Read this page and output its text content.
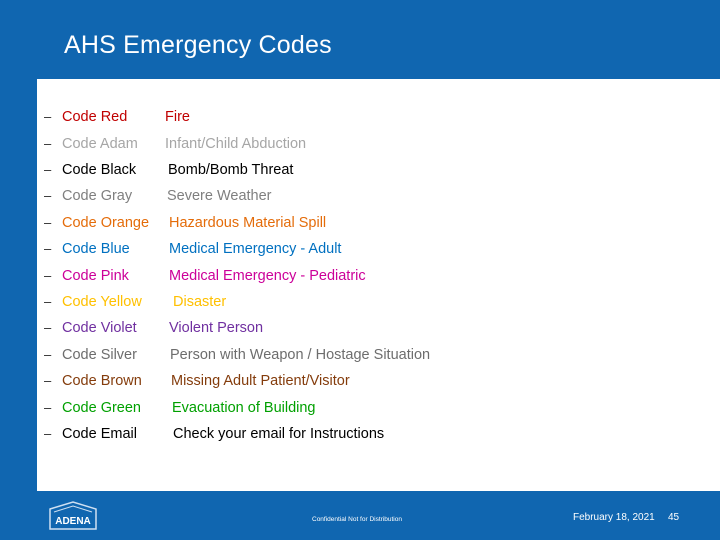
AHS Emergency Codes
– Code Red	Fire
– Code Adam Infant/Child Abduction
– Code Black Bomb/Bomb Threat
– Code Gray Severe Weather
– Code Orange Hazardous Material Spill
– Code Blue	Medical Emergency - Adult
– Code Pink	Medical Emergency - Pediatric
– Code Yellow Disaster
– Code Violet Violent Person
– Code Silver Person with Weapon / Hostage Situation
– Code Brown Missing Adult Patient/Visitor
– Code Green Evacuation of Building
– Code Email Check your email for Instructions
ADENA	Confidential Not for Distribution	February 18, 2021 45
